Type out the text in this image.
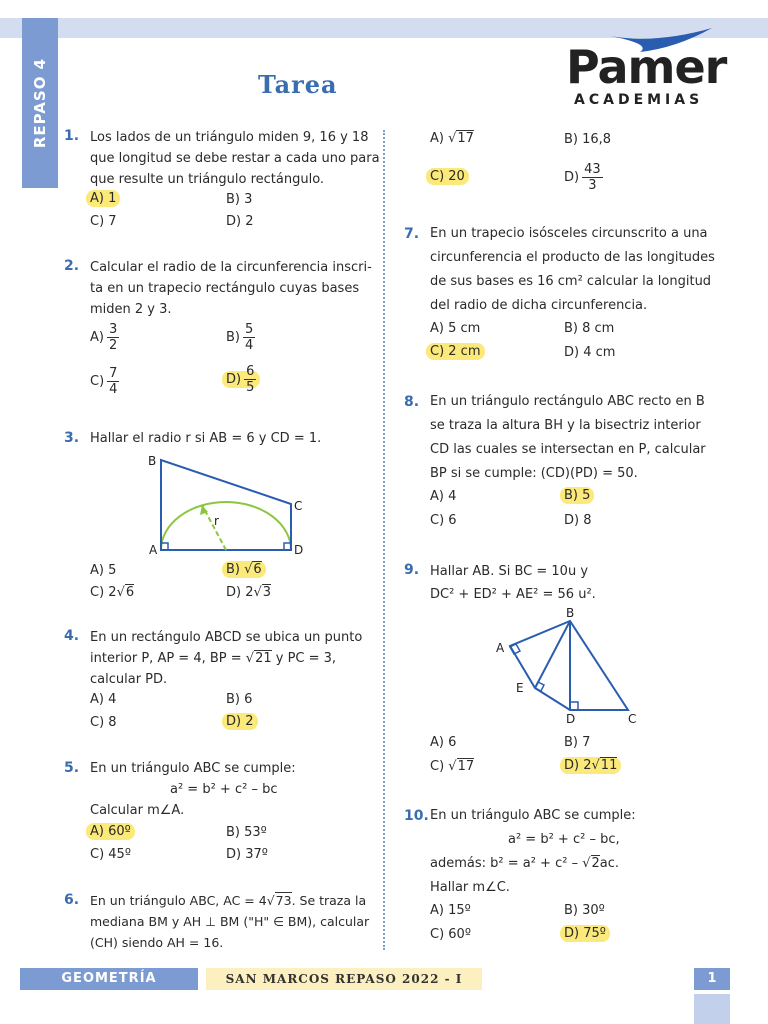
REPASO 4	Tarea	Pamer
ACADEMIAS
1. Los lados de un triángulo miden 9, 16 y 18
que longitud se debe restar a cada uno para
que resulte un triángulo rectángulo.
A) 1	B) 3
C) 7	D) 2
2. Calcular el radio de la circunferencia inscri-
ta en un trapecio rectángulo cuyas bases
miden 2 y 3.
$A) \frac{3}{2}$	$B) \frac{5}{4}$
$C) \frac{7}{4}$	$D) \frac{6}{5}$
3. Hallar el radio r si AB = 6 y CD = 1.
B
C
A	D
r
A) 5	B) √6
C) 2√6	D) 2√3
4. En un rectángulo ABCD se ubica un punto
interior P, AP = 4, BP = √21 y PC = 3,
calcular PD.
A) 4	B) 6
C) 8	D) 2
5. En un triángulo ABC se cumple:
a² = b² + c² – bc
Calcular m∠A.
A) 60º	B) 53º
C) 45º	D) 37º
6. En un triángulo ABC, AC = 4√73. Se traza la
mediana BM y AH ⊥ BM ("H" ∈ BM), calcular
(CH) siendo AH = 16.
A) √17	B) 16,8
C) 20	$D) \frac{43}{3}$
7. En un trapecio isósceles circunscrito a una
circunferencia el producto de las longitudes
de sus bases es 16 cm² calcular la longitud
del radio de dicha circunferencia.
A) 5 cm	B) 8 cm
C) 2 cm	D) 4 cm
8. En un triángulo rectángulo ABC recto en B
se traza la altura BH y la bisectriz interior
CD las cuales se intersectan en P, calcular
BP si se cumple: (CD)(PD) = 50.
A) 4	B) 5
C) 6	D) 8
9. Hallar AB. Si BC = 10u y
DC² + ED² + AE² = 56 u².
B
A
E
D	C
A) 6	B) 7
C) √17	D) 2√11
10. En un triángulo ABC se cumple:
a² = b² + c² – bc,
además: b² = a² + c² – √2ac.
Hallar m∠C.
A) 15º	B) 30º
C) 60º	D) 75º
GEOMETRÍA	SAN MARCOS REPASO 2022 - I	1
